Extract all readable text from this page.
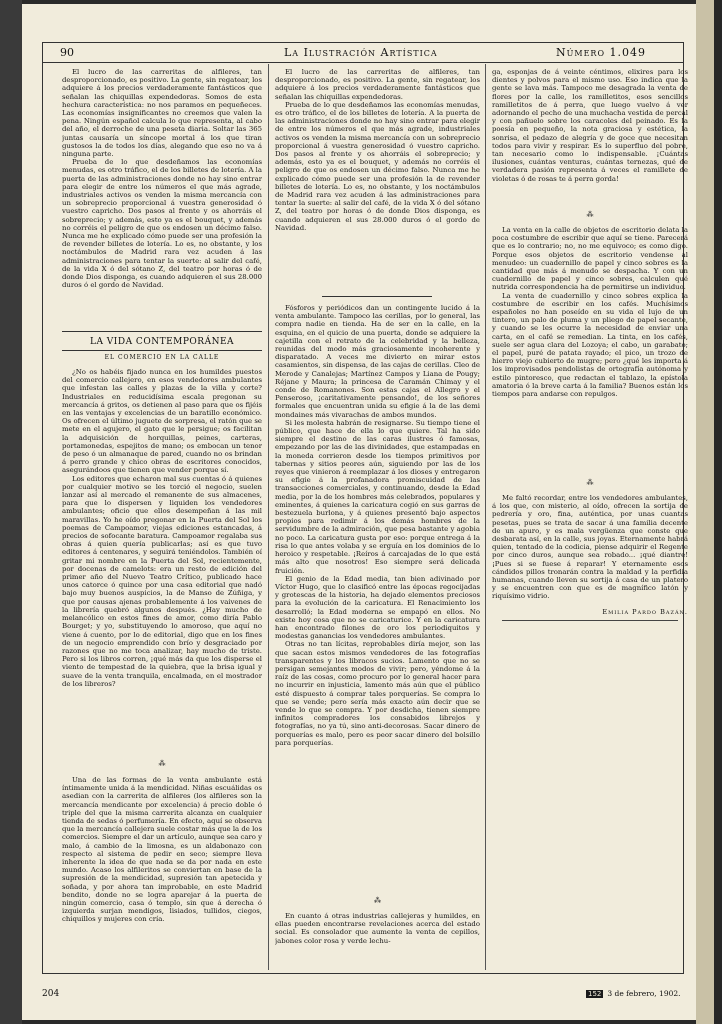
90	La Ilustración Artística	Número 1.049
LA VIDA CONTEMPORÁNEA
EL COMERCIO EN LA CALLE

¿No os habéis fijado nunca en los humildes puestos del comercio callejero, en esos vendedores ambulantes que infestan las calles y plazas de la villa y corte? Industriales en reducidísima escala pregonan su mercancía á gritos, os detienen al paso para que os fijéis en las ventajas y excelencias de un baratillo económico. Os ofrecen el último juguete de sorpresa, el ratón que se mete en el agujero, el gato que le persigue; os facilitan la adquisición de horquillas, peines, carteras, portamonedas, espejitos de mano; os embocan un tenor de peso ó un almanaque de pared, cuando no os brindan á perro grande y chico obras de escritores conocidos, asegurándoos que tienen que vender porque sí.

Los editores que echaron mal sus cuentas ó á quienes por cualquier motivo se les torció el negocio, suelen lanzar así al mercado el remanente de sus almacenes, para que lo dispersen y liquiden los vendedores ambulantes; oficio que ellos desempeñan á las mil maravillas. Yo he oído pregonar en la Puerta del Sol los poemas de Campoamor, viejas ediciones estancadas, á precios de sofocante baratura. Campoamor regalaba sus obras á quien quería publicarlas; así es que tuvo editores á centenares, y seguirá teniéndolos. También oí gritar mi nombre en la Puerta del Sol, recientemente, por docenas de camelots: era un resto de edición del primer año del Nuevo Teatro Crítico, publicado hace unos catorce ó quince por una casa editorial que nadó bajo muy buenos auspicios, la de Manso de Zúñiga, y que por causas ajenas probablemente á los vaivenes de la librería quebró algunos después. ¿Hay mucho de melancólico en estos fines de amor, como diría Pablo Bourget; y yo, substituyendo lo amoroso, que aquí no viene á cuento, por lo de editorial, digo que en los fines de un negocio emprendido con brío y desgraciado por razones que no me toca analizar, hay mucho de triste. Pero si los libros corren, ¡qué más da que los disperse el viento de tempestad de la quiebra, que la brisa igual y suave de la venta tranquila, encalmada, en el mostrador de los libreros?

⁂

Una de las formas de la venta ambulante está íntimamente unida á la mendicidad. Niñas escuálidas os asedian con la carrerita de alfileres (los alfileres son la mercancía mendicante por excelencia) á precio doble ó triple del que la misma carrerita alcanza en cualquier tienda de sedas ó perfumería. En efecto, aquí se observa que la mercancía callejera suele costar más que la de los comercios. Siempre el dar un artículo, aunque sea caro y malo, á cambio de la limosna, es un aldabonazo con respecto al sistema de pedir en seco; siempre lleva inherente la idea de que nada se da por nada en este mundo. Acaso los alfileritos se conviertan en base de la supresión de la mendicidad, supresión tan apetecida y soñada, y por ahora tan improbable, en este Madrid bendito, donde no se logra aparejar á la puerta de ningún comercio, casa ó templo, sin que á derecha ó izquierda surjan mendigos, lisiados, tullidos, ciegos, chiquillos y mujeres con cría.

El lucro de las carreritas de alfileres, tan desproporcionado, es positivo. La gente, sin regatear, los adquiere á los precios verdaderamente fantásticos que señalan las chiquillas expendedoras. Somos de esta hechura característica: no nos paramos en pequeñeces. Las economías insignificantes no creemos que valen la pena. Ningún español calcula lo que representa, al cabo del año, el derroche de una peseta diaria. Soltar las 365 juntas causaría un síncope mortal á los que tiran gustosos la de todos los días, alegando que eso no va á ninguna parte.

Prueba de lo que desdeñamos las economías menudas, es otro tráfico, el de los billetes de lotería. A la puerta de las administraciones donde no hay sino entrar para elegir de entre los números el que más agrade, industriales activos os venden la misma mercancía con un sobreprecio proporcional á vuestra generosidad ó vuestro capricho. Dos pasos al frente y os ahorráis el sobreprecio; y además, esto ya es el bouquet, y además no corréis el peligro de que os endosen un décimo falso. Nunca me he explicado cómo puede ser una profesión la de revender billetes de lotería. Lo es, no obstante, y los noctámbulos de Madrid rara vez acuden á las administraciones para tentar la suerte: al salir del café, de la vida X ó del sótano Z, del teatro por horas ó de donde Dios disponga, es cuando adquieren el sus 28.000 duros ó el gordo de Navidad.

El lucro de las carreritas de alfileres, tan desproporcionado, es positivo. La gente, sin regatear, los adquiere á los precios verdaderamente fantásticos que señalan las chiquillas expendedoras.

Prueba de lo que desdeñamos las economías menudas, es otro tráfico, el de los billetes de lotería. A la puerta de las administraciones donde no hay sino entrar para elegir de entre los números el que más agrade, industriales activos os venden la misma mercancía con un sobreprecio proporcional á vuestra generosidad ó vuestro capricho. Dos pasos al frente y os ahorráis el sobreprecio; y además, esto ya es el bouquet, y además no corréis el peligro de que os endosen un décimo falso. Nunca me he explicado cómo puede ser una profesión la de revender billetes de lotería. Lo es, no obstante, y los noctámbulos de Madrid rara vez acuden á las administraciones para tentar la suerte: al salir del café, de la vida X ó del sótano Z, del teatro por horas ó de donde Dios disponga, es cuando adquieren el sus 28.000 duros ó el gordo de Navidad.

Fósforos y periódicos dan un contingente lucido á la venta ambulante. Tampoco las cerillas, por lo general, las compra nadie en tienda. Ha de ser en la calle, en la esquina, en el quicio de una puerta, donde se adquiere la cajetilla con el retrato de la celebridad y la belleza, reunidas del modo más graciosamente incoherente y disparatado. A veces me divierto en mirar estos casamientos, sin dispensa, de las cajas de cerillas. Cleo de Merode y Canalejas; Martínez Campos y Liana de Pougy; Réjane y Maura; la princesa de Caramán Chimay y el conde de Romanones. Son estas cajas el Allegro y el Penseroso, ¡caritativamente pensando!, de los señores formales que encuentran unida su efigie á la de las demi mondaines más vivarachas de ambos mundos.

Si les molesta habrán de resignarse. Su tiempo tiene el público, que hace de ella lo que quiere. Tal ha sido siempre el destino de las caras ilustres ó famosas, empezando por las de las divinidades, que estampadas en la moneda corrieron desde los tiempos primitivos por tabernas y sitios peores aún, siguiendo por las de los reyes que vinieron á reemplazar á los dioses y entregaron su efigie á la profanadora promiscuidad de las transacciones comerciales, y continuando, desde la Edad media, por la de los hombres más celebrados, populares y eminentes, á quienes la caricatura cogió en sus garras de bestezuela burlona, y á quienes presentó bajo aspectos propios para redimir á los demás hombres de la servidumbre de la admiración, que pesa bastante y agobia no poco. La caricatura gusta por eso: porque entrega á la risa lo que antes volaba y se erguía en los dominios de lo heroico y respetable. ¡Reíros á carcajadas de lo que está más alto que nosotros! Eso siempre será delicada fruición.

El genio de la Edad media, tan bien adivinado por Víctor Hugo, que lo clasificó entre las épocas regocijadas y grotescas de la historia, ha dejado elementos preciosos para la evolución de la caricatura. El Renacimiento los desarrolló; la Edad moderna se empapó en ellos. No existe hoy cosa que no se caricaturice. Y en la caricatura han encontrado filones de oro los periodiquitos y modestas ganancias los vendedores ambulantes.

Otras no tan lícitas, reprobables diría mejor, son las que sacan estos mismos vendedores de las fotografías transparentes y los libracos sucios. Lamento que no se persigan semejantes modos de vivir; pero, yéndome á la raíz de las cosas, como procuro por lo general hacer para no incurrir en injusticia, lamento más aún que el público esté dispuesto á comprar tales porquerías. Se compra lo que se vende; pero sería más exacto aún decir que se vende lo que se compra. Y por desdicha, tienen siempre infinitos compradores los consabidos librejos y fotografías, no ya tú, sino anti-decorosas. Sacar dinero de porquerías es malo, pero es peor sacar dinero del bolsillo para porquerías.

⁂

En cuanto á otras industrias callejeras y humildes, en ellas pueden encontrarse revelaciones acerca del estado social. Es consolador que aumente la venta de cepillos, jabones color rosa y verde lechu-

ga, esponjas de á veinte céntimos, elixires para los dientes y polvos para el mismo uso. Eso indica que la gente se lava más. Tampoco me desagrada la venta de flores por la calle, los ramilletitos, esos sencillos ramilletitos de á perra, que luego vuelvo á ver adornando el pecho de una muchacha vestida de percal y con pañuelo sobre los caracoles del peinado. Es la poesía en pequeño, la nota graciosa y estética, la sonrisa, el pedazo de alegría y de goce que necesitan todos para vivir y respirar. Es lo superfluo del pobre, tan necesario como lo indispensable. ¡Cuántas ilusiones, cuántas venturas, cuántas ternezas, qué de verdadera pasión representa á veces el ramillete de violetas ó de rosas te á perra gorda!

⁂

La venta en la calle de objetos de escritorio delata la poca costumbre de escribir que aquí se tiene. Parecerá que es lo contrario; no, no me equivoco; es como digo. Porque esos objetos de escritorio vendense al menudeo: un cuadernillo de papel y cinco sobres es la cantidad que más á menudo se despacha. Y con un cuadernillo de papel y cinco sobres, calculen qué nutrida correspondencia ha de permitirse un individuo.

La venta de cuadernillo y cinco sobres explica la costumbre de escribir en los cafés. Muchísimos españoles no han poseído en su vida el lujo de un tintero, un palo de pluma y un pliego de papel secante, y cuando se les ocurre la necesidad de enviar una carta, en el café se remedian. La tinta, en los cafés, suele ser agua clara del Lozoya; el cabo, un garabato; el papel, puré de patata rayado; el pico, un trozo de hierro viejo cubierto de mugre; pero ¿qué les importa á los improvisados pendolistas de ortografía autónoma y estilo pintoresco, que redactan el tablazo, la epístola amatoria ó la breve carta á la familia? Buenos están los tiempos para andarse con repulgos.

⁂

Me faltó recordar, entre los vendedores ambulantes, á los que, con misterio, al oído, ofrecen la sortija de pedrería y oro, fina, auténtica, por unas cuantas pesetas, pues se trata de sacar á una familia decente de un apuro, y es mala vergüenza que conste que desbarata así, en la calle, sus joyas. Eternamente habrá quien, tentado de la codicia, piense adquirir el Regente por cinco duros, aunque sea robado... ¡qué diantre! ¡Pues si se fuese á reparar! Y eternamente esos cándidos pillos tronarán contra la maldad y la perfidia humanas, cuando lleven su sortija á casa de un platero y se encuentren con que es de magnífico latón y riquísimo vidrio.

Emilia Pardo Bazán.
204	152 3 de febrero, 1902.
